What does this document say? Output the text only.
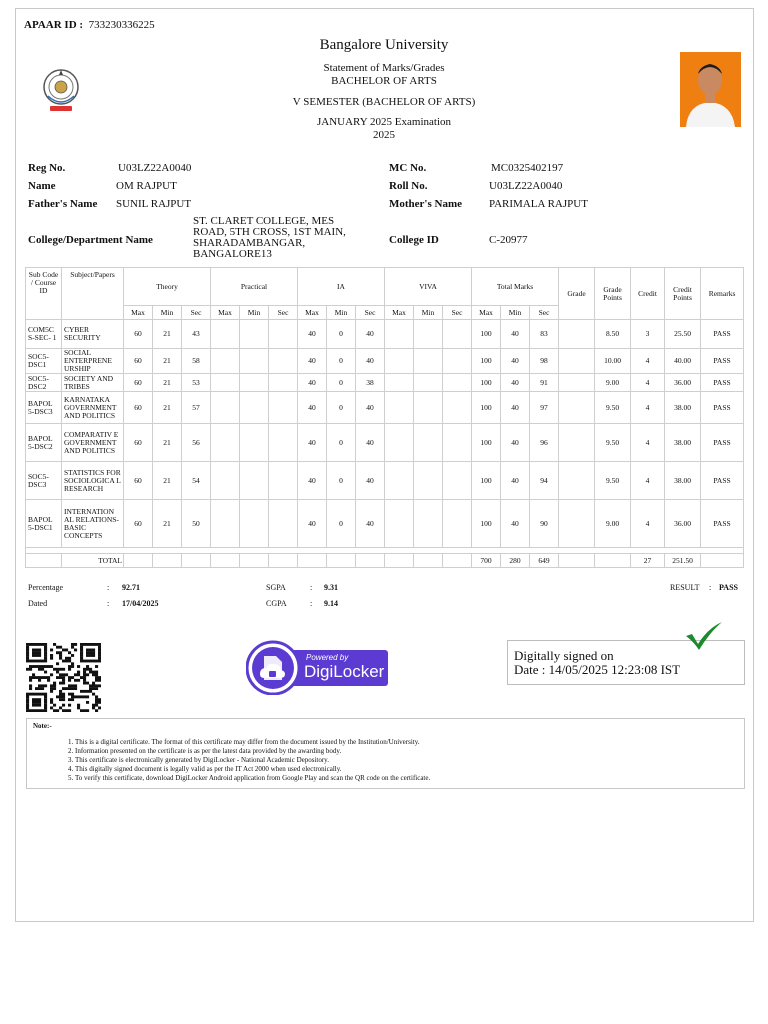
APAAR ID : 733230336225
Bangalore University
Statement of Marks/Grades
BACHELOR OF ARTS
V SEMESTER (BACHELOR OF ARTS)
JANUARY 2025 Examination
2025
Reg No.	U03LZ22A0040
Name	OM RAJPUT
Father's Name SUNIL RAJPUT
College/Department Name
ST. CLARET COLLEGE, MES
ROAD, 5TH CROSS, 1ST MAIN,
SHARADAMBANGAR,
BANGALORE13
MC No.	MC0325402197
Roll No.	U03LZ22A0040
Mother's Name PARIMALA RAJPUT
College ID	C-20977
Sub Code / Course ID	Subject/Papers	Theory			Practical			IA			VIVA			Total Marks			Grade	Grade Points	Credit	Credit Points	Remarks
		Max	Min	Sec	Max	Min	Sec	Max	Min	Sec	Max	Min	Sec	Max	Min	Sec					
COM5C S-SEC- 1	CYBER SECURITY	60	21	43				40	0	40				100	40	83		8.50	3	25.50	PASS
SOC5- DSC1	SOCIAL ENTERPRENE URSHIP	60	21	58				40	0	40				100	40	98		10.00	4	40.00	PASS
SOC5- DSC2	SOCIETY AND TRIBES	60	21	53				40	0	38				100	40	91		9.00	4	36.00	PASS
BAPOL 5-DSC3	KARNATAKA GOVERNMENT AND POLITICS	60	21	57				40	0	40				100	40	97		9.50	4	38.00	PASS
BAPOL 5-DSC2	COMPARATIV E GOVERNMENT AND POLITICS	60	21	56				40	0	40				100	40	96		9.50	4	38.00	PASS
SOC5- DSC3	STATISTICS FOR SOCIOLOGICA L RESEARCH	60	21	54				40	0	40				100	40	94		9.50	4	38.00	PASS
BAPOL 5-DSC1	INTERNATION AL RELATIONS- BASIC CONCEPTS	60	21	50				40	0	40				100	40	90		9.00	4	36.00	PASS

	TOTAL													700	280	649			27	251.50	
Percentage	: 92.71
Dated	: 17/04/2025
SGPA	: 9.31
CGPA	: 9.14
RESULT : PASS
Powered by
DigiLocker
Digitally signed on
Date : 14/05/2025 12:23:08 IST
Note:-
1. This is a digital certificate. The format of this certificate may differ from the document issued by the Institution/University.
2. Information presented on the certificate is as per the latest data provided by the awarding body.
3. This certificate is electronically generated by DigiLocker - National Academic Depository.
4. This digitally signed document is legally valid as per the IT Act 2000 when used electronically.
5. To verify this certificate, download DigiLocker Android application from Google Play and scan the QR code on the certificate.
